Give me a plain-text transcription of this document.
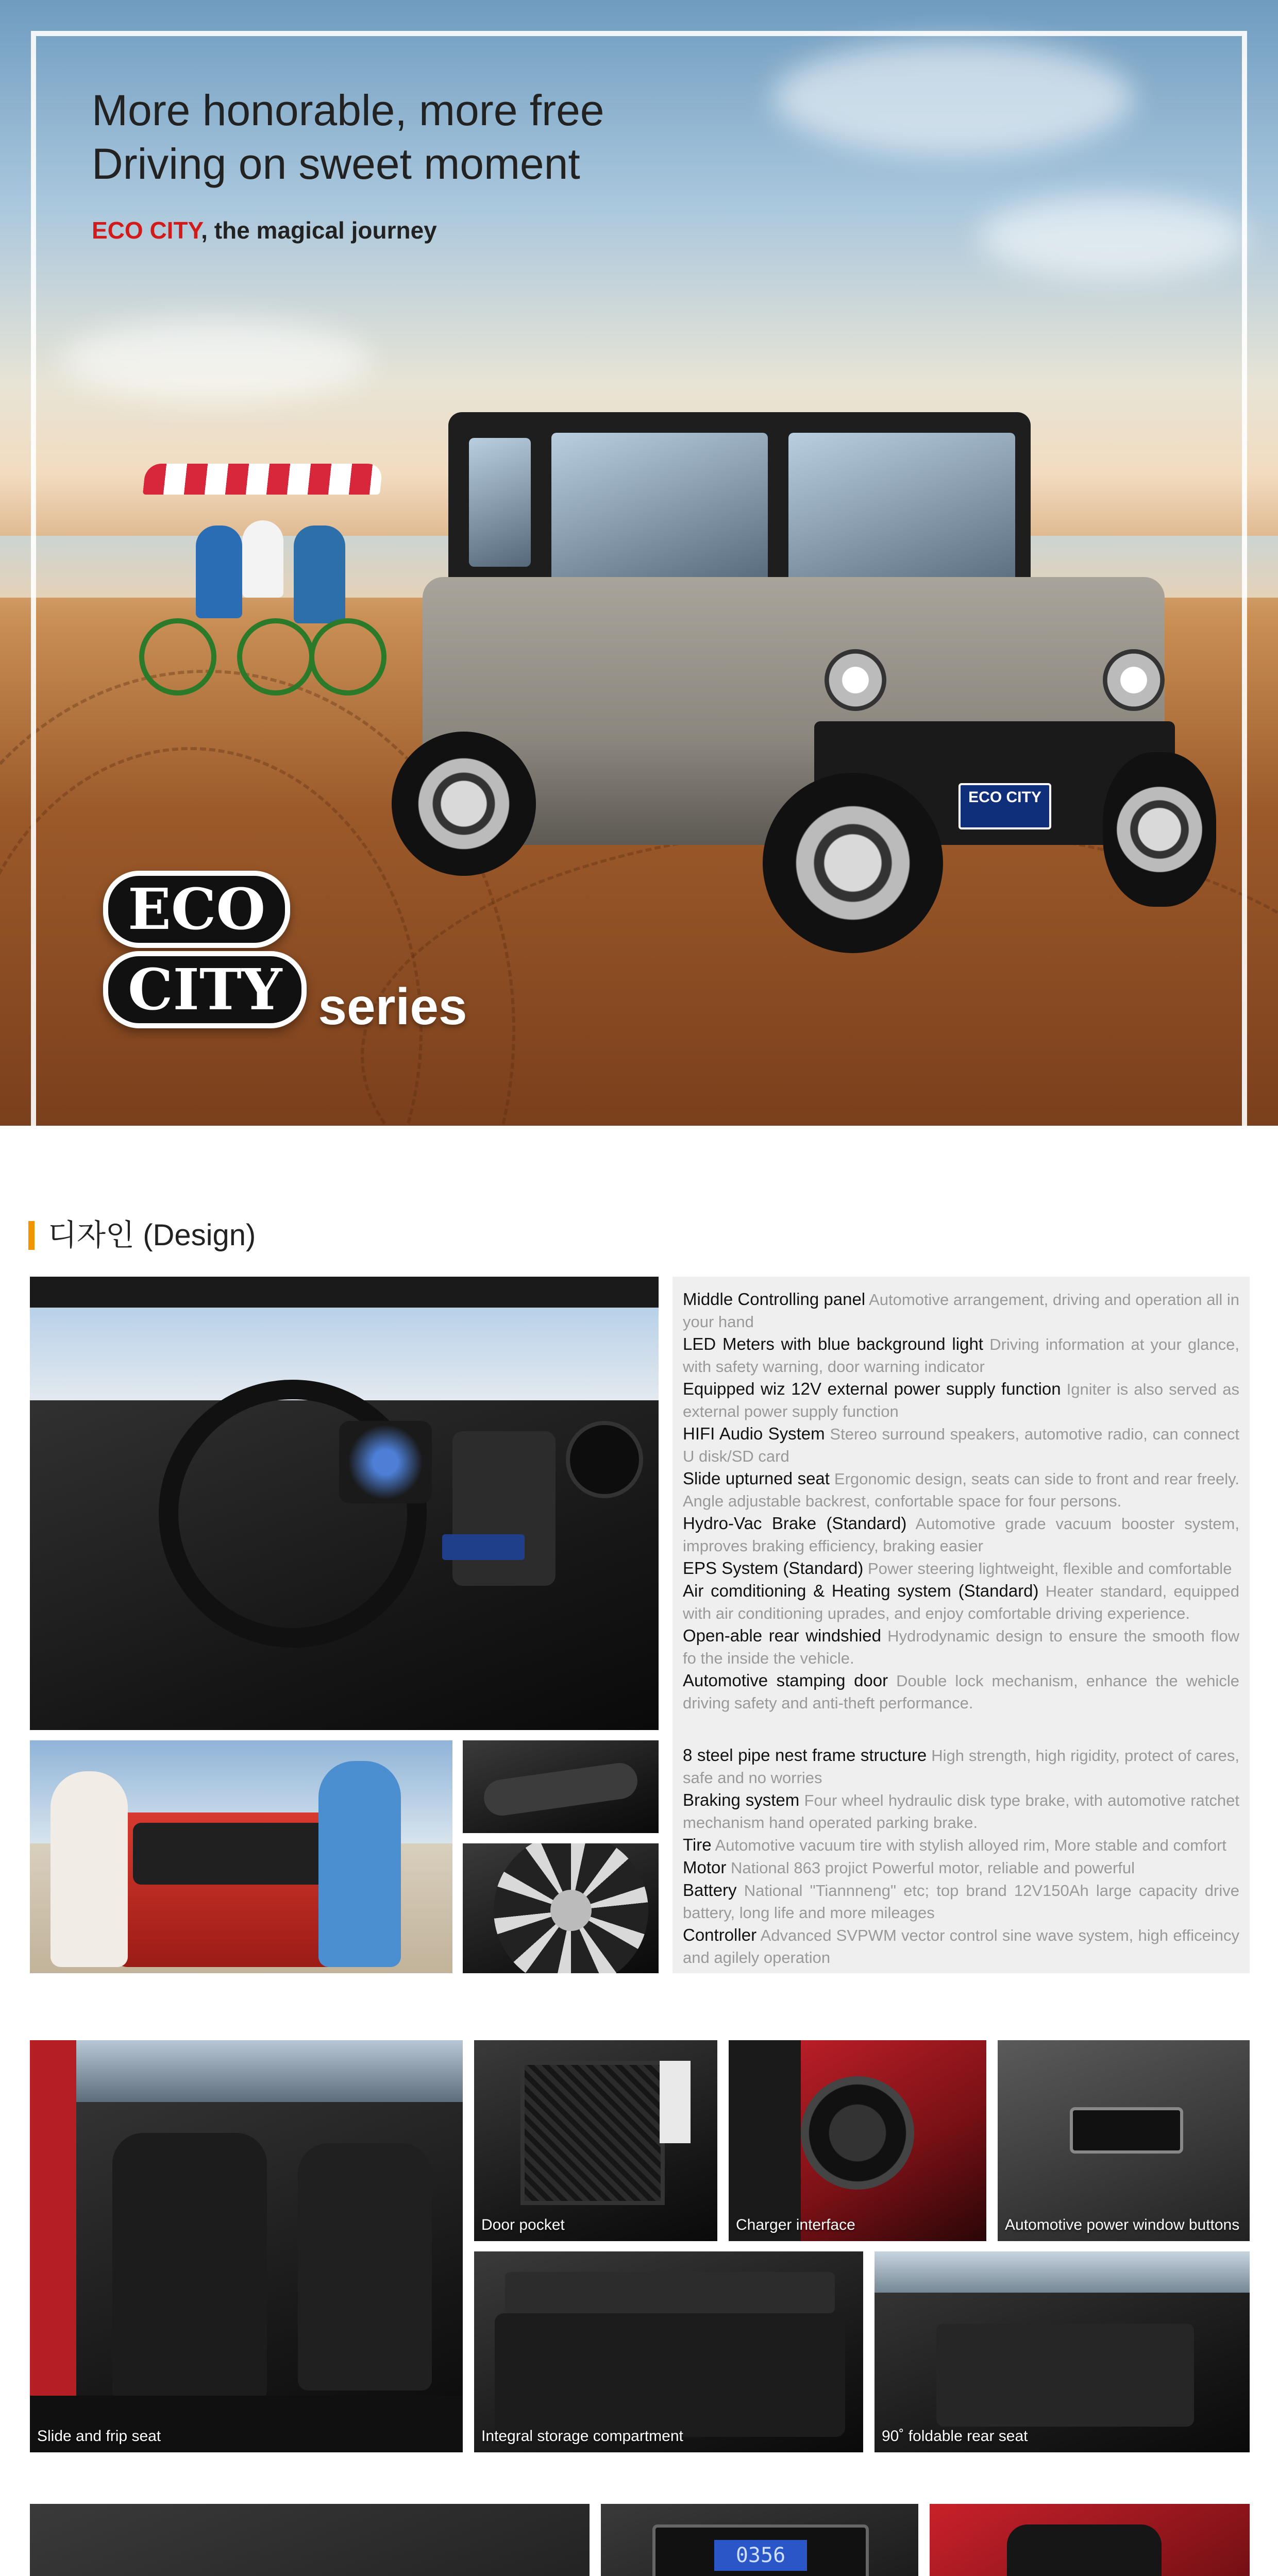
More honorable, more free
Driving on sweet moment
ECO CITY, the magical journey
ECO CITY
ECO
CITY series
디자인 (Design)

Middle Controlling panel Automotive arrangement, driving and operation all in your hand

LED Meters with blue background light Driving information at your glance, with safety warning, door warning indicator

Equipped wiz 12V external power supply function Igniter is also served as external power supply function

HIFI Audio System Stereo surround speakers, automotive radio, can connect U disk/SD card

Slide upturned seat Ergonomic design, seats can side to front and rear freely. Angle adjustable backrest, confortable space for four persons.

Hydro-Vac Brake (Standard) Automotive grade vacuum booster system, improves braking efficiency, braking easier

EPS System (Standard) Power steering lightweight, flexible and comfortable

Air comditioning & Heating system (Standard) Heater standard, equipped with air conditioning uprades, and enjoy comfortable driving experience.

Open-able rear windshied Hydrodynamic design to ensure the smooth flow fo the inside the vehicle.

Automotive stamping door Double lock mechanism, enhance the wehicle driving safety and anti-theft performance.

8 steel pipe nest frame structure High strength, high rigidity, protect of cares, safe and no worries

Braking system Four wheel hydraulic disk type brake, with automotive ratchet mechanism hand operated parking brake.

Tire Automotive vacuum tire with stylish alloyed rim, More stable and comfort

Motor National 863 projict Powerful motor, reliable and powerful

Battery National "Tiannneng" etc; top brand 12V150Ah large capacity drive battery, long life and more mileages

Controller Advanced SVPWM vector control sine wave system, high efficeincy and agilely operation

Slide and frip seat
Door pocket	Charger interface	Automotive power window buttons
Integral storage compartment	90˚ foldable rear seat
0356
